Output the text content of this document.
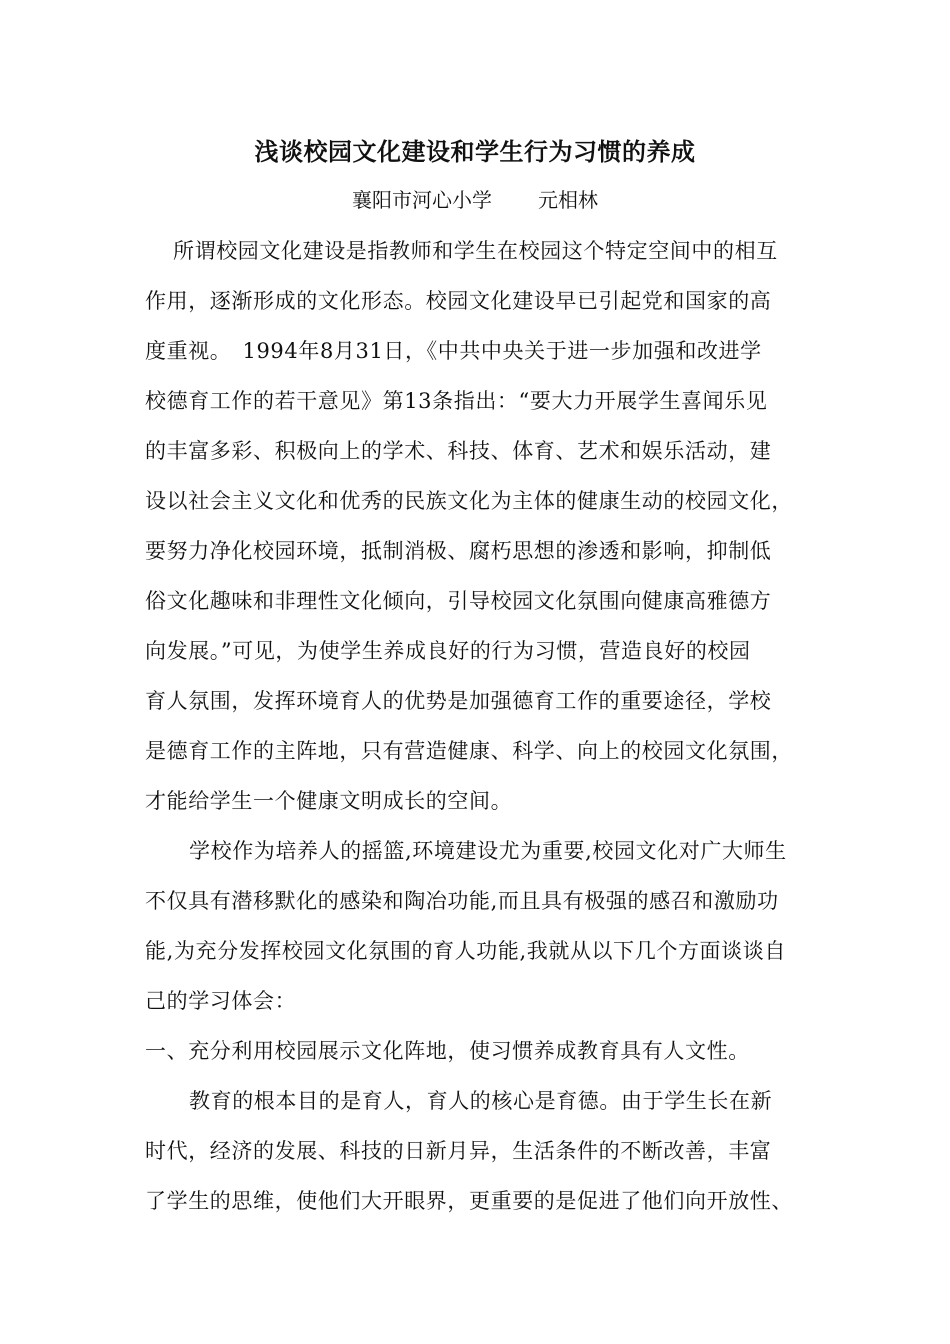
浅谈校园文化建设和学生行为习惯的养成
襄阳市河心小学 元相林
所谓校园文化建设是指教师和学生在校园这个特定空间中的相互
作用，逐渐形成的文化形态。校园文化建设早已引起党和国家的高
度重视。　1994年8月31日，《中共中央关于进一步加强和改进学
校德育工作的若干意见》第13条指出：“要大力开展学生喜闻乐见
的丰富多彩、积极向上的学术、科技、体育、艺术和娱乐活动，建
设以社会主义文化和优秀的民族文化为主体的健康生动的校园文化，
要努力净化校园环境，抵制消极、腐朽思想的渗透和影响，抑制低
俗文化趣味和非理性文化倾向，引导校园文化氛围向健康高雅德方
向发展。”可见，为使学生养成良好的行为习惯，营造良好的校园
育人氛围，发挥环境育人的优势是加强德育工作的重要途径，学校
是德育工作的主阵地，只有营造健康、科学、向上的校园文化氛围，
才能给学生一个健康文明成长的空间。
学校作为培养人的摇篮,环境建设尤为重要,校园文化对广大师生
不仅具有潜移默化的感染和陶冶功能,而且具有极强的感召和激励功
能,为充分发挥校园文化氛围的育人功能,我就从以下几个方面谈谈自
己的学习体会：
一、充分利用校园展示文化阵地，使习惯养成教育具有人文性。
教育的根本目的是育人，育人的核心是育德。由于学生长在新
时代，经济的发展、科技的日新月异，生活条件的不断改善，丰富
了学生的思维，使他们大开眼界，更重要的是促进了他们向开放性、
